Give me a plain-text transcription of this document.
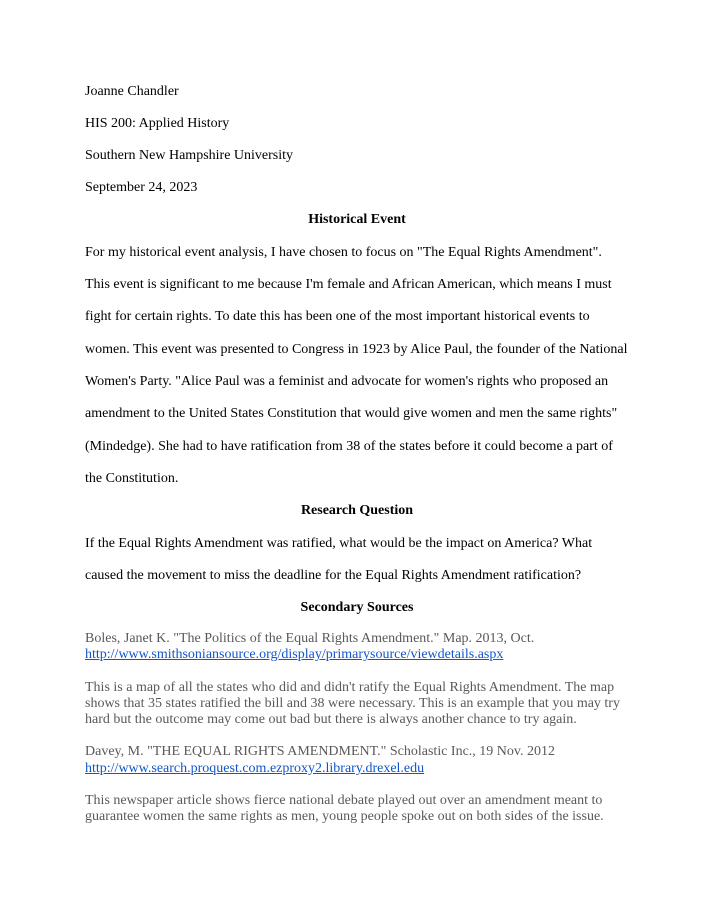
Joanne Chandler
HIS 200: Applied History
Southern New Hampshire University
September 24, 2023
Historical Event
For my historical event analysis, I have chosen to focus on "The Equal Rights Amendment".
This event is significant to me because I'm female and African American, which means I must
fight for certain rights. To date this has been one of the most important historical events to
women. This event was presented to Congress in 1923 by Alice Paul, the founder of the National
Women's Party. "Alice Paul was a feminist and advocate for women's rights who proposed an
amendment to the United States Constitution that would give women and men the same rights"
(Mindedge). She had to have ratification from 38 of the states before it could become a part of
the Constitution.
Research Question
If the Equal Rights Amendment was ratified, what would be the impact on America? What
caused the movement to miss the deadline for the Equal Rights Amendment ratification?
Secondary Sources
Boles, Janet K. "The Politics of the Equal Rights Amendment." Map. 2013, Oct.
http://www.smithsoniansource.org/display/primarysource/viewdetails.aspx
This is a map of all the states who did and didn't ratify the Equal Rights Amendment. The map
shows that 35 states ratified the bill and 38 were necessary. This is an example that you may try
hard but the outcome may come out bad but there is always another chance to try again.
Davey, M. "THE EQUAL RIGHTS AMENDMENT." Scholastic Inc., 19 Nov. 2012
http://www.search.proquest.com.ezproxy2.library.drexel.edu
This newspaper article shows fierce national debate played out over an amendment meant to
guarantee women the same rights as men, young people spoke out on both sides of the issue.
